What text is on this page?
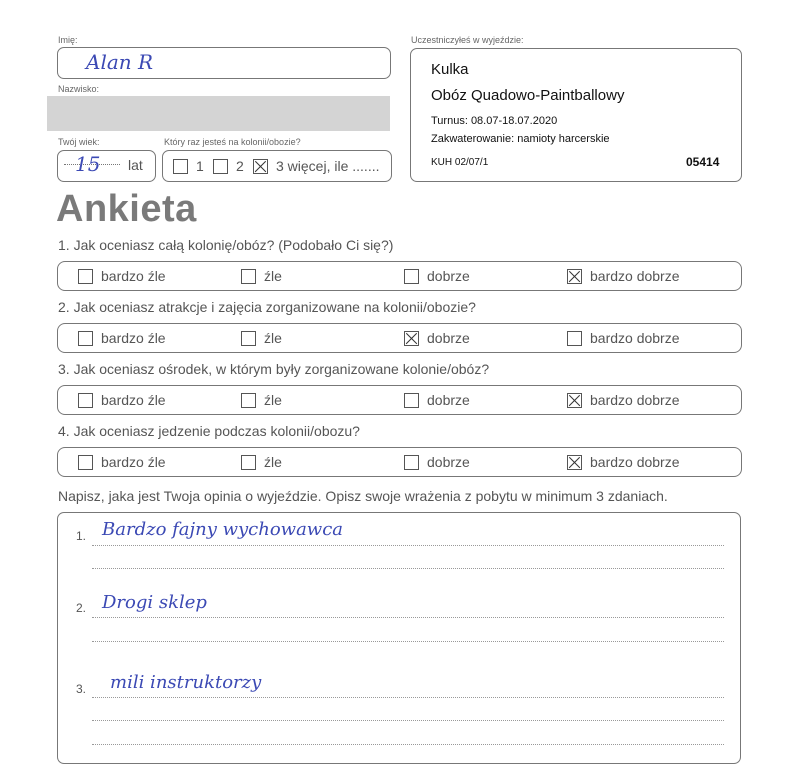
Imię:
Alan R
Nazwisko:
Twój wiek:
15 lat
Który raz jesteś na kolonii/obozie?
1 2 3 więcej, ile .......
Uczestniczyłeś w wyjeździe:
Kulka
Obóz Quadowo-Paintballowy
Turnus: 08.07-18.07.2020
Zakwaterowanie: namioty harcerskie
KUH 02/07/1	05414
Ankieta
1. Jak oceniasz całą kolonię/obóz? (Podobało Ci się?)
bardzo źle	źle	dobrze	bardzo dobrze
2. Jak oceniasz atrakcje i zajęcia zorganizowane na kolonii/obozie?
bardzo źle	źle	dobrze	bardzo dobrze
3. Jak oceniasz ośrodek, w którym były zorganizowane kolonie/obóz?
bardzo źle	źle	dobrze	bardzo dobrze
4. Jak oceniasz jedzenie podczas kolonii/obozu?
bardzo źle	źle	dobrze	bardzo dobrze
Napisz, jaka jest Twoja opinia o wyjeździe. Opisz swoje wrażenia z pobytu w minimum 3 zdaniach.
1. Bardzo fajny wychowawca
2. Drogi sklep
3. mili instruktorzy
